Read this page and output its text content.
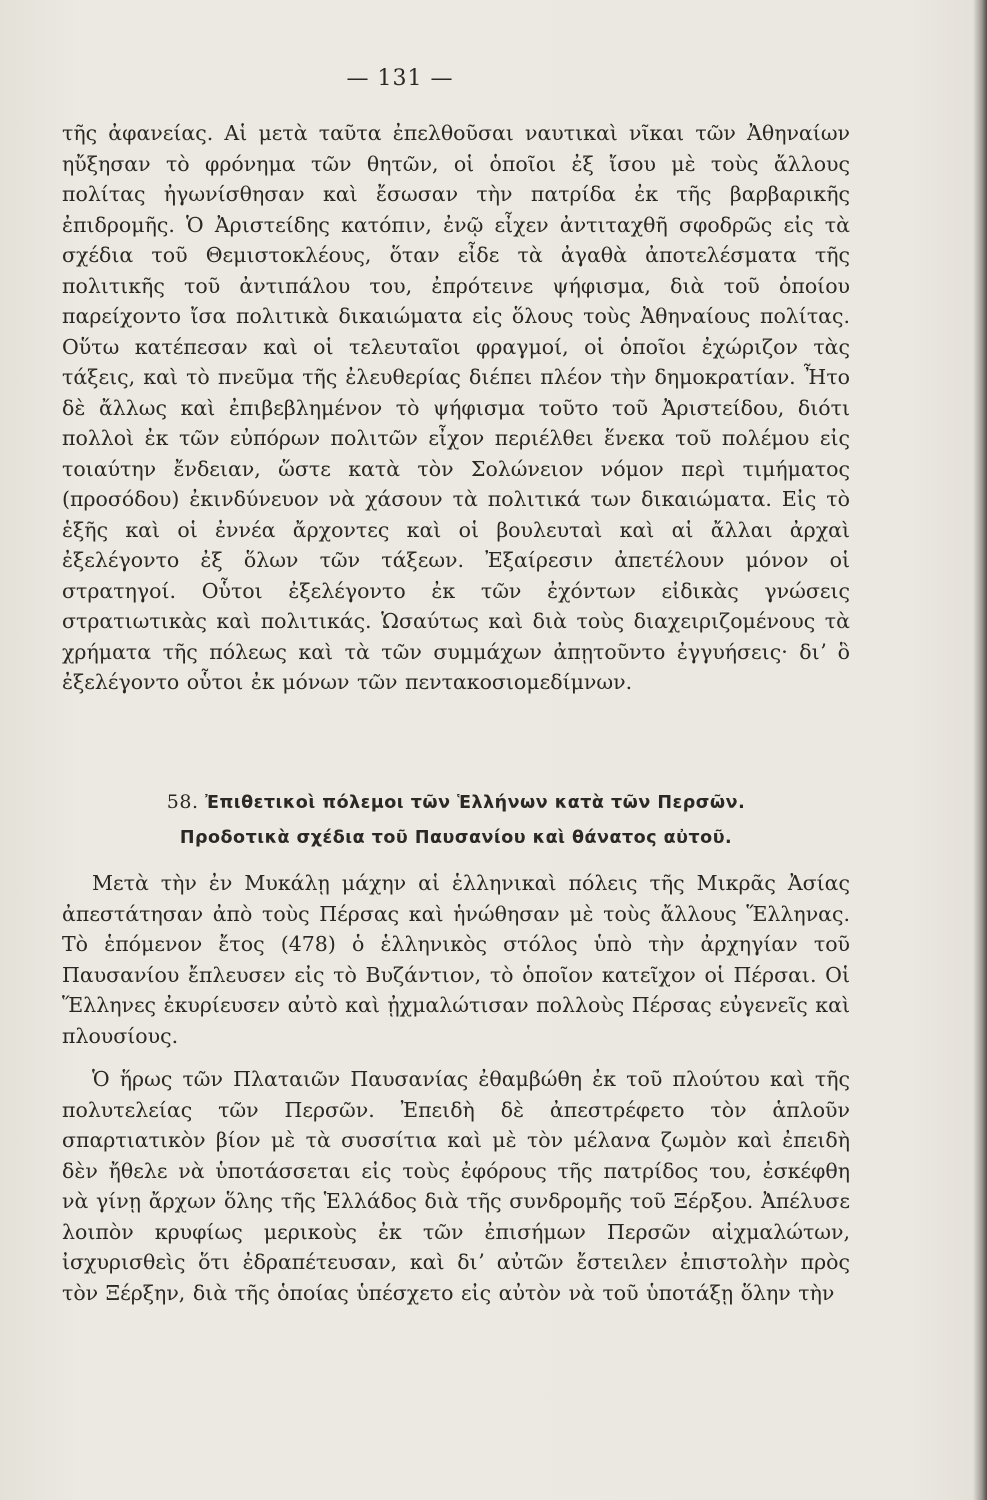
— 131 —
τῆς ἀφανείας. Αἱ μετὰ ταῦτα ἐπελθοῦσαι ναυτικαὶ νῖκαι τῶν Ἀθηναίων ηὔξησαν τὸ φρόνημα τῶν θητῶν, οἱ ὁποῖοι ἐξ ἴσου μὲ τοὺς ἄλλους πολίτας ἠγωνίσθησαν καὶ ἔσωσαν τὴν πατρίδα ἐκ τῆς βαρβαρικῆς ἐπιδρομῆς. Ὁ Ἀριστείδης κατόπιν, ἐνῷ εἶχεν ἀντιταχθῆ σφοδρῶς εἰς τὰ σχέδια τοῦ Θεμιστοκλέους, ὅταν εἶδε τὰ ἀγαθὰ ἀποτελέσματα τῆς πολιτικῆς τοῦ ἀντιπάλου του, ἐπρότεινε ψήφισμα, διὰ τοῦ ὁποίου παρείχοντο ἴσα πολιτικὰ δικαιώματα εἰς ὅλους τοὺς Ἀθηναίους πολίτας. Οὕτω κατέπεσαν καὶ οἱ τελευταῖοι φραγμοί, οἱ ὁποῖοι ἐχώριζον τὰς τάξεις, καὶ τὸ πνεῦμα τῆς ἐλευθερίας διέπει πλέον τὴν δημοκρατίαν. Ἦτο δὲ ἄλλως καὶ ἐπιβεβλημένον τὸ ψήφισμα τοῦτο τοῦ Ἀριστείδου, διότι πολλοὶ ἐκ τῶν εὐπόρων πολιτῶν εἶχον περιέλθει ἕνεκα τοῦ πολέμου εἰς τοιαύτην ἔνδειαν, ὥστε κατὰ τὸν Σολώνειον νόμον περὶ τιμήματος (προσόδου) ἐκινδύνευον νὰ χάσουν τὰ πολιτικά των δικαιώματα. Εἰς τὸ ἑξῆς καὶ οἱ ἐννέα ἄρχοντες καὶ οἱ βουλευταὶ καὶ αἱ ἄλλαι ἀρχαὶ ἐξελέγοντο ἐξ ὅλων τῶν τάξεων. Ἐξαίρεσιν ἀπετέλουν μόνον οἱ στρατηγοί. Οὗτοι ἐξελέγοντο ἐκ τῶν ἐχόντων εἰδικὰς γνώσεις στρατιωτικὰς καὶ πολιτικάς. Ὡσαύτως καὶ διὰ τοὺς διαχειριζομένους τὰ χρήματα τῆς πόλεως καὶ τὰ τῶν συμμάχων ἀπῃτοῦντο ἐγγυήσεις· διʼ ὃ ἐξελέγοντο οὗτοι ἐκ μόνων τῶν πεντακοσιομεδίμνων.
58. Ἐπιθετικοὶ πόλεμοι τῶν Ἑλλήνων κατὰ τῶν Περσῶν.
Προδοτικὰ σχέδια τοῦ Παυσανίου καὶ θάνατος αὐτοῦ.
Μετὰ τὴν ἐν Μυκάλῃ μάχην αἱ ἑλληνικαὶ πόλεις τῆς Μικρᾶς Ἀσίας ἀπεστάτησαν ἀπὸ τοὺς Πέρσας καὶ ἡνώθησαν μὲ τοὺς ἄλλους Ἕλληνας. Τὸ ἑπόμενον ἔτος (478) ὁ ἑλληνικὸς στόλος ὑπὸ τὴν ἀρχηγίαν τοῦ Παυσανίου ἔπλευσεν εἰς τὸ Βυζάντιον, τὸ ὁποῖον κατεῖχον οἱ Πέρσαι. Οἱ Ἕλληνες ἐκυρίευσεν αὐτὸ καὶ ᾐχμαλώτισαν πολλοὺς Πέρσας εὐγενεῖς καὶ πλουσίους.
Ὁ ἥρως τῶν Πλαταιῶν Παυσανίας ἐθαμβώθη ἐκ τοῦ πλούτου καὶ τῆς πολυτελείας τῶν Περσῶν. Ἐπειδὴ δὲ ἀπεστρέφετο τὸν ἁπλοῦν σπαρτιατικὸν βίον μὲ τὰ συσσίτια καὶ μὲ τὸν μέλανα ζωμὸν καὶ ἐπειδὴ δὲν ἤθελε νὰ ὑποτάσσεται εἰς τοὺς ἐφόρους τῆς πατρίδος του, ἐσκέφθη νὰ γίνῃ ἄρχων ὅλης τῆς Ἑλλάδος διὰ τῆς συνδρομῆς τοῦ Ξέρξου. Ἀπέλυσε λοιπὸν κρυφίως μερικοὺς ἐκ τῶν ἐπισήμων Περσῶν αἰχμαλώτων, ἰσχυρισθεὶς ὅτι ἐδραπέτευσαν, καὶ διʼ αὐτῶν ἔστειλεν ἐπιστολὴν πρὸς τὸν Ξέρξην, διὰ τῆς ὁποίας ὑπέσχετο εἰς αὐτὸν νὰ τοῦ ὑποτάξῃ ὅλην τὴν
